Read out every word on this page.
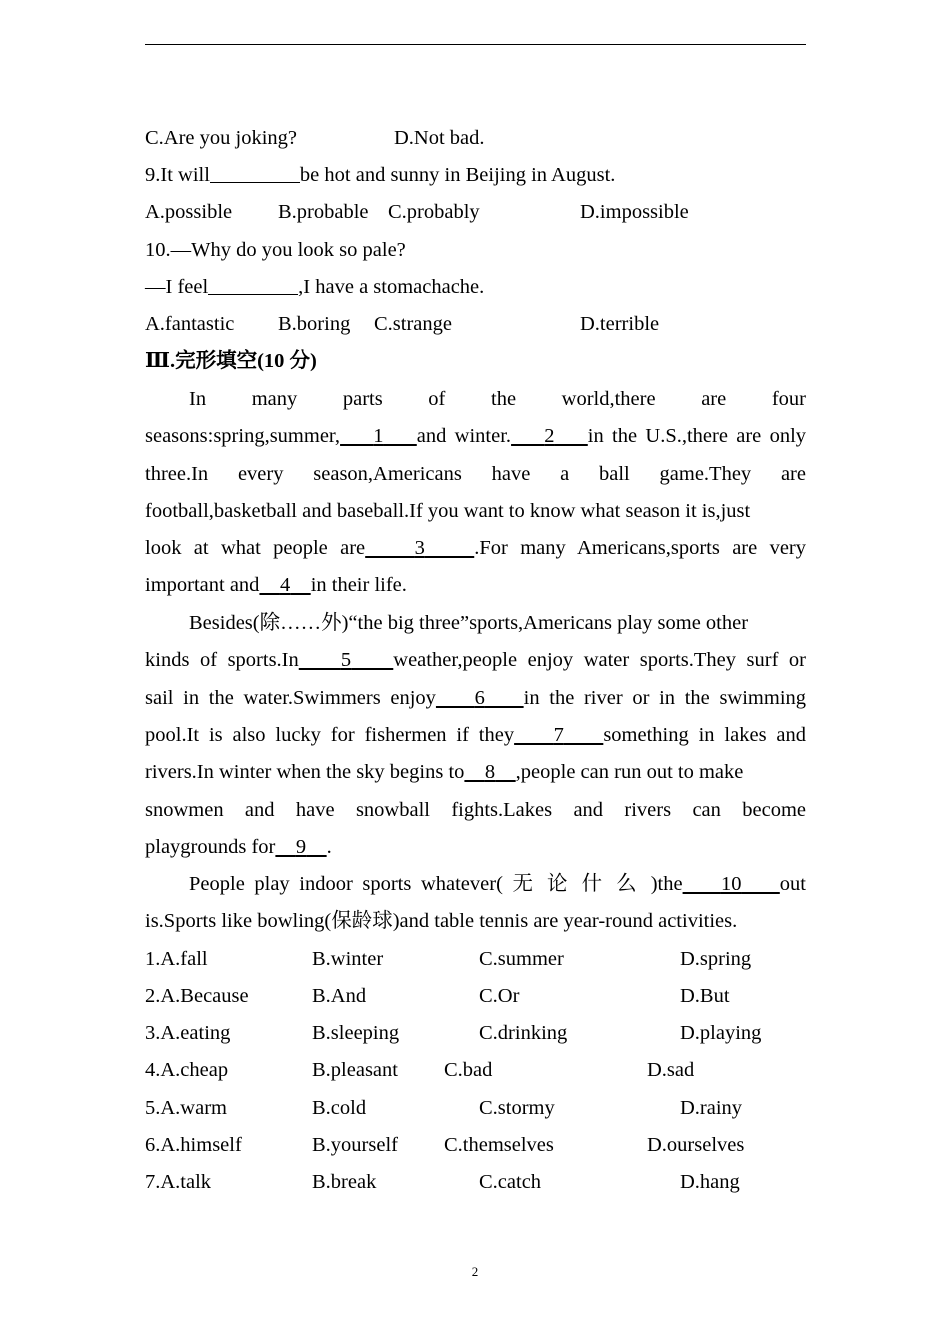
C.Are you joking?	D.Not bad.
9.It will	be hot and sunny in Beijing in August.
A.possible B.probable C.probably	D.impossible
10.—Why do you look so pale?
—I feel	,I have a stomachache.
A.fantastic B.boring C.strange	D.terrible
Ⅲ.完形填空(10 分)
In many parts of the world,there are four
seasons:spring,summer, 1 and winter. 2 in the U.S.,there are only
three.In every season,Americans have a ball game.They are
football,basketball and baseball.If you want to know what season it is,just
look at what people are 3 .For many Americans,sports are very
important and 4 in their life.
Besides(除……外)“the big three”sports,Americans play some other
kinds of sports.In 5 weather,people enjoy water sports.They surf or
sail in the water.Swimmers enjoy 6 in the river or in the swimming
pool.It is also lucky for fishermen if they 7 something in lakes and
rivers.In winter when the sky begins to 8 ,people can run out to make
snowmen and have snowball fights.Lakes and rivers can become
playgrounds for 9 .
People play indoor sports whatever( 无 论 什 么 )the 10 out
is.Sports like bowling(保龄球)and table tennis are year-round activities.
1.A.fall	B.winter	C.summer	D.spring
2.A.Because	B.And	C.Or	D.But
3.A.eating	B.sleeping	C.drinking	D.playing
4.A.cheap	B.pleasant C.bad	D.sad
5.A.warm	B.cold	C.stormy	D.rainy
6.A.himself	B.yourself C.themselves	D.ourselves
7.A.talk	B.break	C.catch	D.hang
2
